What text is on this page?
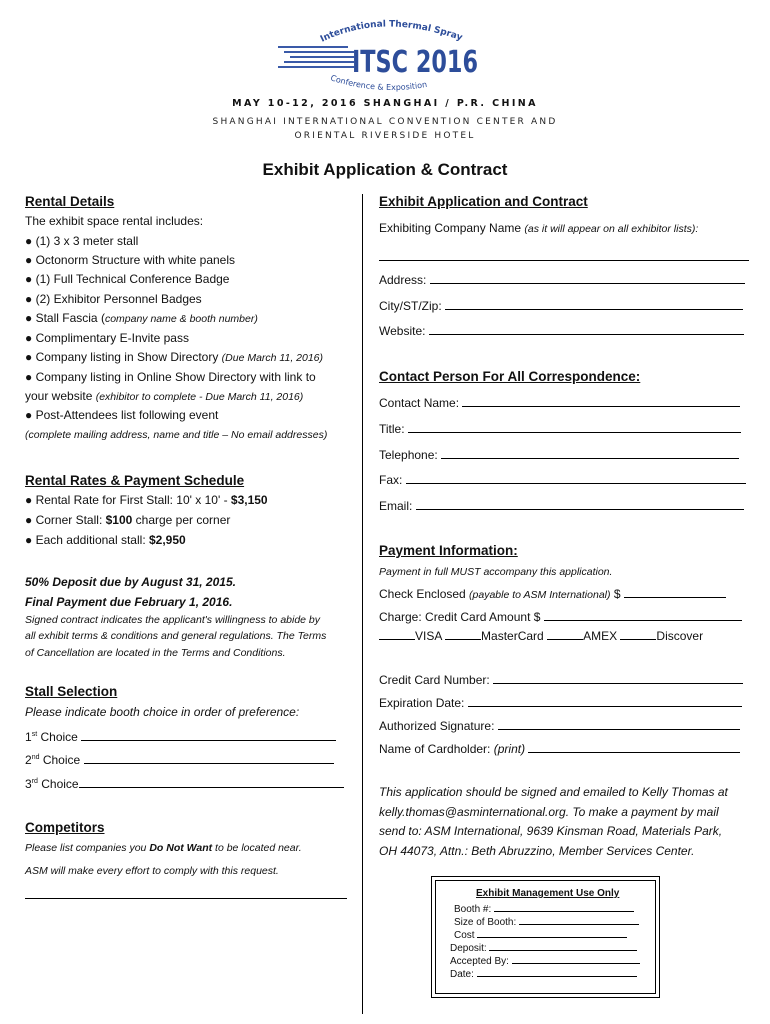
International Thermal Spray
ITSC 2016
Conference & Exposition
MAY 10-12, 2016 SHANGHAI / P.R. CHINA
SHANGHAI INTERNATIONAL CONVENTION CENTER AND
ORIENTAL RIVERSIDE HOTEL
Exhibit Application & Contract
Rental Details
The exhibit space rental includes:
● (1) 3 x 3 meter stall
● Octonorm Structure with white panels
● (1) Full Technical Conference Badge
● (2) Exhibitor Personnel Badges
● Stall Fascia (company name & booth number)
● Complimentary E-Invite pass
● Company listing in Show Directory (Due March 11, 2016)
● Company listing in Online Show Directory with link to
your website (exhibitor to complete - Due March 11, 2016)
● Post-Attendees list following event
(complete mailing address, name and title – No email addresses)
Rental Rates & Payment Schedule
● Rental Rate for First Stall: 10' x 10' - $3,150
● Corner Stall: $100 charge per corner
● Each additional stall: $2,950
50% Deposit due by August 31, 2015.
Final Payment due February 1, 2016.
Signed contract indicates the applicant's willingness to abide by
all exhibit terms & conditions and general regulations. The Terms
of Cancellation are located in the Terms and Conditions.
Stall Selection
Please indicate booth choice in order of preference:
1st Choice
2nd Choice
3rd Choice
Competitors
Please list companies you Do Not Want to be located near.
ASM will make every effort to comply with this request.
Exhibit Application and Contract
Exhibiting Company Name (as it will appear on all exhibitor lists):
Address:
City/ST/Zip:
Website:
Contact Person For All Correspondence:
Contact Name:
Title:
Telephone:
Fax:
Email:
Payment Information:
Payment in full MUST accompany this application.
Check Enclosed (payable to ASM International) $
Charge: Credit Card Amount $
VISA	MasterCard	AMEX	Discover
Credit Card Number:
Expiration Date:
Authorized Signature:
Name of Cardholder: (print)
This application should be signed and emailed to Kelly Thomas at
kelly.thomas@asminternational.org. To make a payment by mail
send to: ASM International, 9639 Kinsman Road, Materials Park,
OH 44073, Attn.: Beth Abruzzino, Member Services Center.
Exhibit Management Use Only
Booth #:
Size of Booth:
Cost
Deposit:
Accepted By:
Date:
